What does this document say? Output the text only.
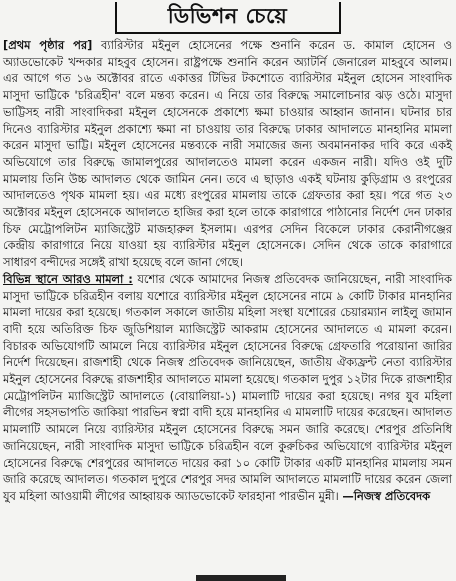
ডিভিশন চেয়ে

[প্রথম পৃষ্ঠার পর] ব্যারিস্টার মইনুল হোসেনের পক্ষে শুনানি করেন ড. কামাল হোসেন ও অ্যাডভোকেট খন্দকার মাহবুব হোসেন। রাষ্ট্রপক্ষে শুনানি করেন অ্যাটর্নি জেনারেল মাহবুবে আলম। এর আগে গত ১৬ অক্টোবর রাতে একাত্তর টিভির টকশোতে ব্যারিস্টার মইনুল হোসেন সাংবাদিক মাসুদা ভাট্টিকে 'চরিত্রহীন' বলে মন্তব্য করেন। এ নিয়ে তার বিরুদ্ধে সমালোচনার ঝড় ওঠে। মাসুদা ভাট্টিসহ নারী সাংবাদিকরা মইনুল হোসেনকে প্রকাশ্যে ক্ষমা চাওয়ার আহ্বান জানান। ঘটনার চার দিনেও ব্যারিস্টার মইনুল প্রকাশ্যে ক্ষমা না চাওয়ায় তার বিরুদ্ধে ঢাকার আদালতে মানহানির মামলা করেন মাসুদা ভাট্টি। মইনুল হোসেনের মন্তব্যকে নারী সমাজের জন্য অবমাননাকর দাবি করে একই অভিযোগে তার বিরুদ্ধে জামালপুরের আদালতেও মামলা করেন একজন নারী। যদিও ওই দুটি মামলায় তিনি উচ্চ আদালত থেকে জামিন নেন। তবে এ ছাড়াও একই ঘটনায় কুড়িগ্রাম ও রংপুরের আদালতেও পৃথক মামলা হয়। এর মধ্যে রংপুরের মামলায় তাকে গ্রেফতার করা হয়। পরে গত ২৩ অক্টোবর মইনুল হোসেনকে আদালতে হাজির করা হলে তাকে কারাগারে পাঠানোর নির্দেশ দেন ঢাকার চিফ মেট্রোপলিটন ম্যাজিস্ট্রেট মাজহারুল ইসলাম। এরপর সেদিন বিকেলে ঢাকার কেরানীগঞ্জের কেন্দ্রীয় কারাগারে নিয়ে যাওয়া হয় ব্যারিস্টার মইনুল হোসেনকে। সেদিন থেকে তাকে কারাগারে সাধারণ বন্দীদের সঙ্গেই রাখা হয়েছে বলে জানা গেছে।

বিভিন্ন স্থানে আরও মামলা : যশোর থেকে আমাদের নিজস্ব প্রতিবেদক জানিয়েছেন, নারী সাংবাদিক মাসুদা ভাট্টিকে চরিত্রহীন বলায় যশোরে ব্যারিস্টার মইনুল হোসেনের নামে ৯ কোটি টাকার মানহানির মামলা দায়ের করা হয়েছে। গতকাল সকালে জাতীয় মহিলা সংস্থা যশোরের চেয়ারম্যান লাইলু জামান বাদী হয়ে অতিরিক্ত চিফ জুডিশিয়াল ম্যাজিস্ট্রেট আকরাম হোসেনের আদালতে এ মামলা করেন। বিচারক অভিযোগটি আমলে নিয়ে ব্যারিস্টার মইনুল হোসেনের বিরুদ্ধে গ্রেফতারি পরোয়ানা জারির নির্দেশ দিয়েছেন। রাজশাহী থেকে নিজস্ব প্রতিবেদক জানিয়েছেন, জাতীয় ঐক্যফ্রন্ট নেতা ব্যারিস্টার মইনুল হোসেনের বিরুদ্ধে রাজশাহীর আদালতে মামলা হয়েছে। গতকাল দুপুর ১২টার দিকে রাজশাহীর মেট্রোপলিটন ম্যাজিস্ট্রেট আদালতে (বোয়ালিয়া-১) মামলাটি দায়ের করা হয়েছে। নগর যুব মহিলা লীগের সহসভাপতি জাকিয়া পারভিন স্বপ্না বাদী হয়ে মানহানির এ মামলাটি দায়ের করেছেন। আদালত মামলাটি আমলে নিয়ে ব্যারিস্টার মইনুল হোসেনের বিরুদ্ধে সমন জারি করেছে। শেরপুর প্রতিনিধি জানিয়েছেন, নারী সাংবাদিক মাসুদা ভাট্টিকে চরিত্রহীন বলে কুরুচিকর অভিযোগে ব্যারিস্টার মইনুল হোসেনের বিরুদ্ধে শেরপুরের আদালতে দায়ের করা ১০ কোটি টাকার একটি মানহানির মামলায় সমন জারি করেছে আদালত। গতকাল দুপুরে শেরপুর সদর আমলি আদালতে মামলাটি দায়ের করেন জেলা যুব মহিলা আওয়ামী লীগের আহ্বায়ক অ্যাডভোকেট ফারহানা পারভীন মুন্নী। —নিজস্ব প্রতিবেদক
